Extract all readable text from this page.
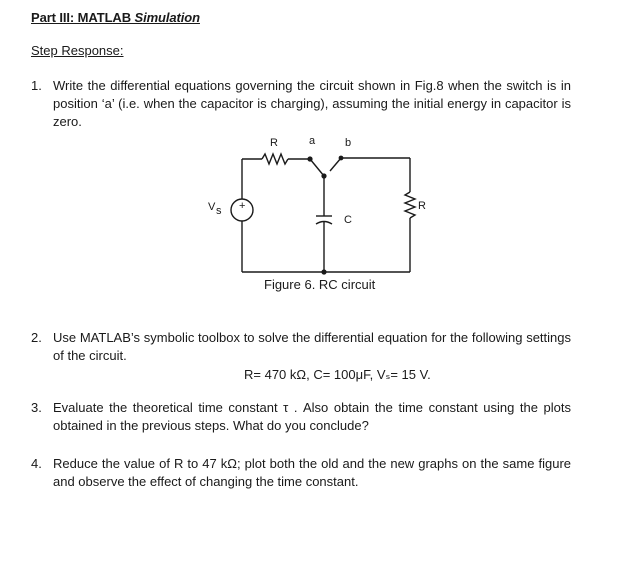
Part III: MATLAB Simulation
Step Response:
1. Write the differential equations governing the circuit shown in Fig.8 when the switch is in position ‘a’ (i.e. when the capacitor is charging), assuming the initial energy in capacitor is zero.
R	a	b
V s +
C
R
Figure 6. RC circuit
2. Use MATLAB’s symbolic toolbox to solve the differential equation for the following settings of the circuit.
R= 470 kΩ, C= 100μF, Vₛ= 15 V.
3. Evaluate the theoretical time constant τ . Also obtain the time constant using the plots obtained in the previous steps. What do you conclude?
4. Reduce the value of R to 47 kΩ; plot both the old and the new graphs on the same figure and observe the effect of changing the time constant.
